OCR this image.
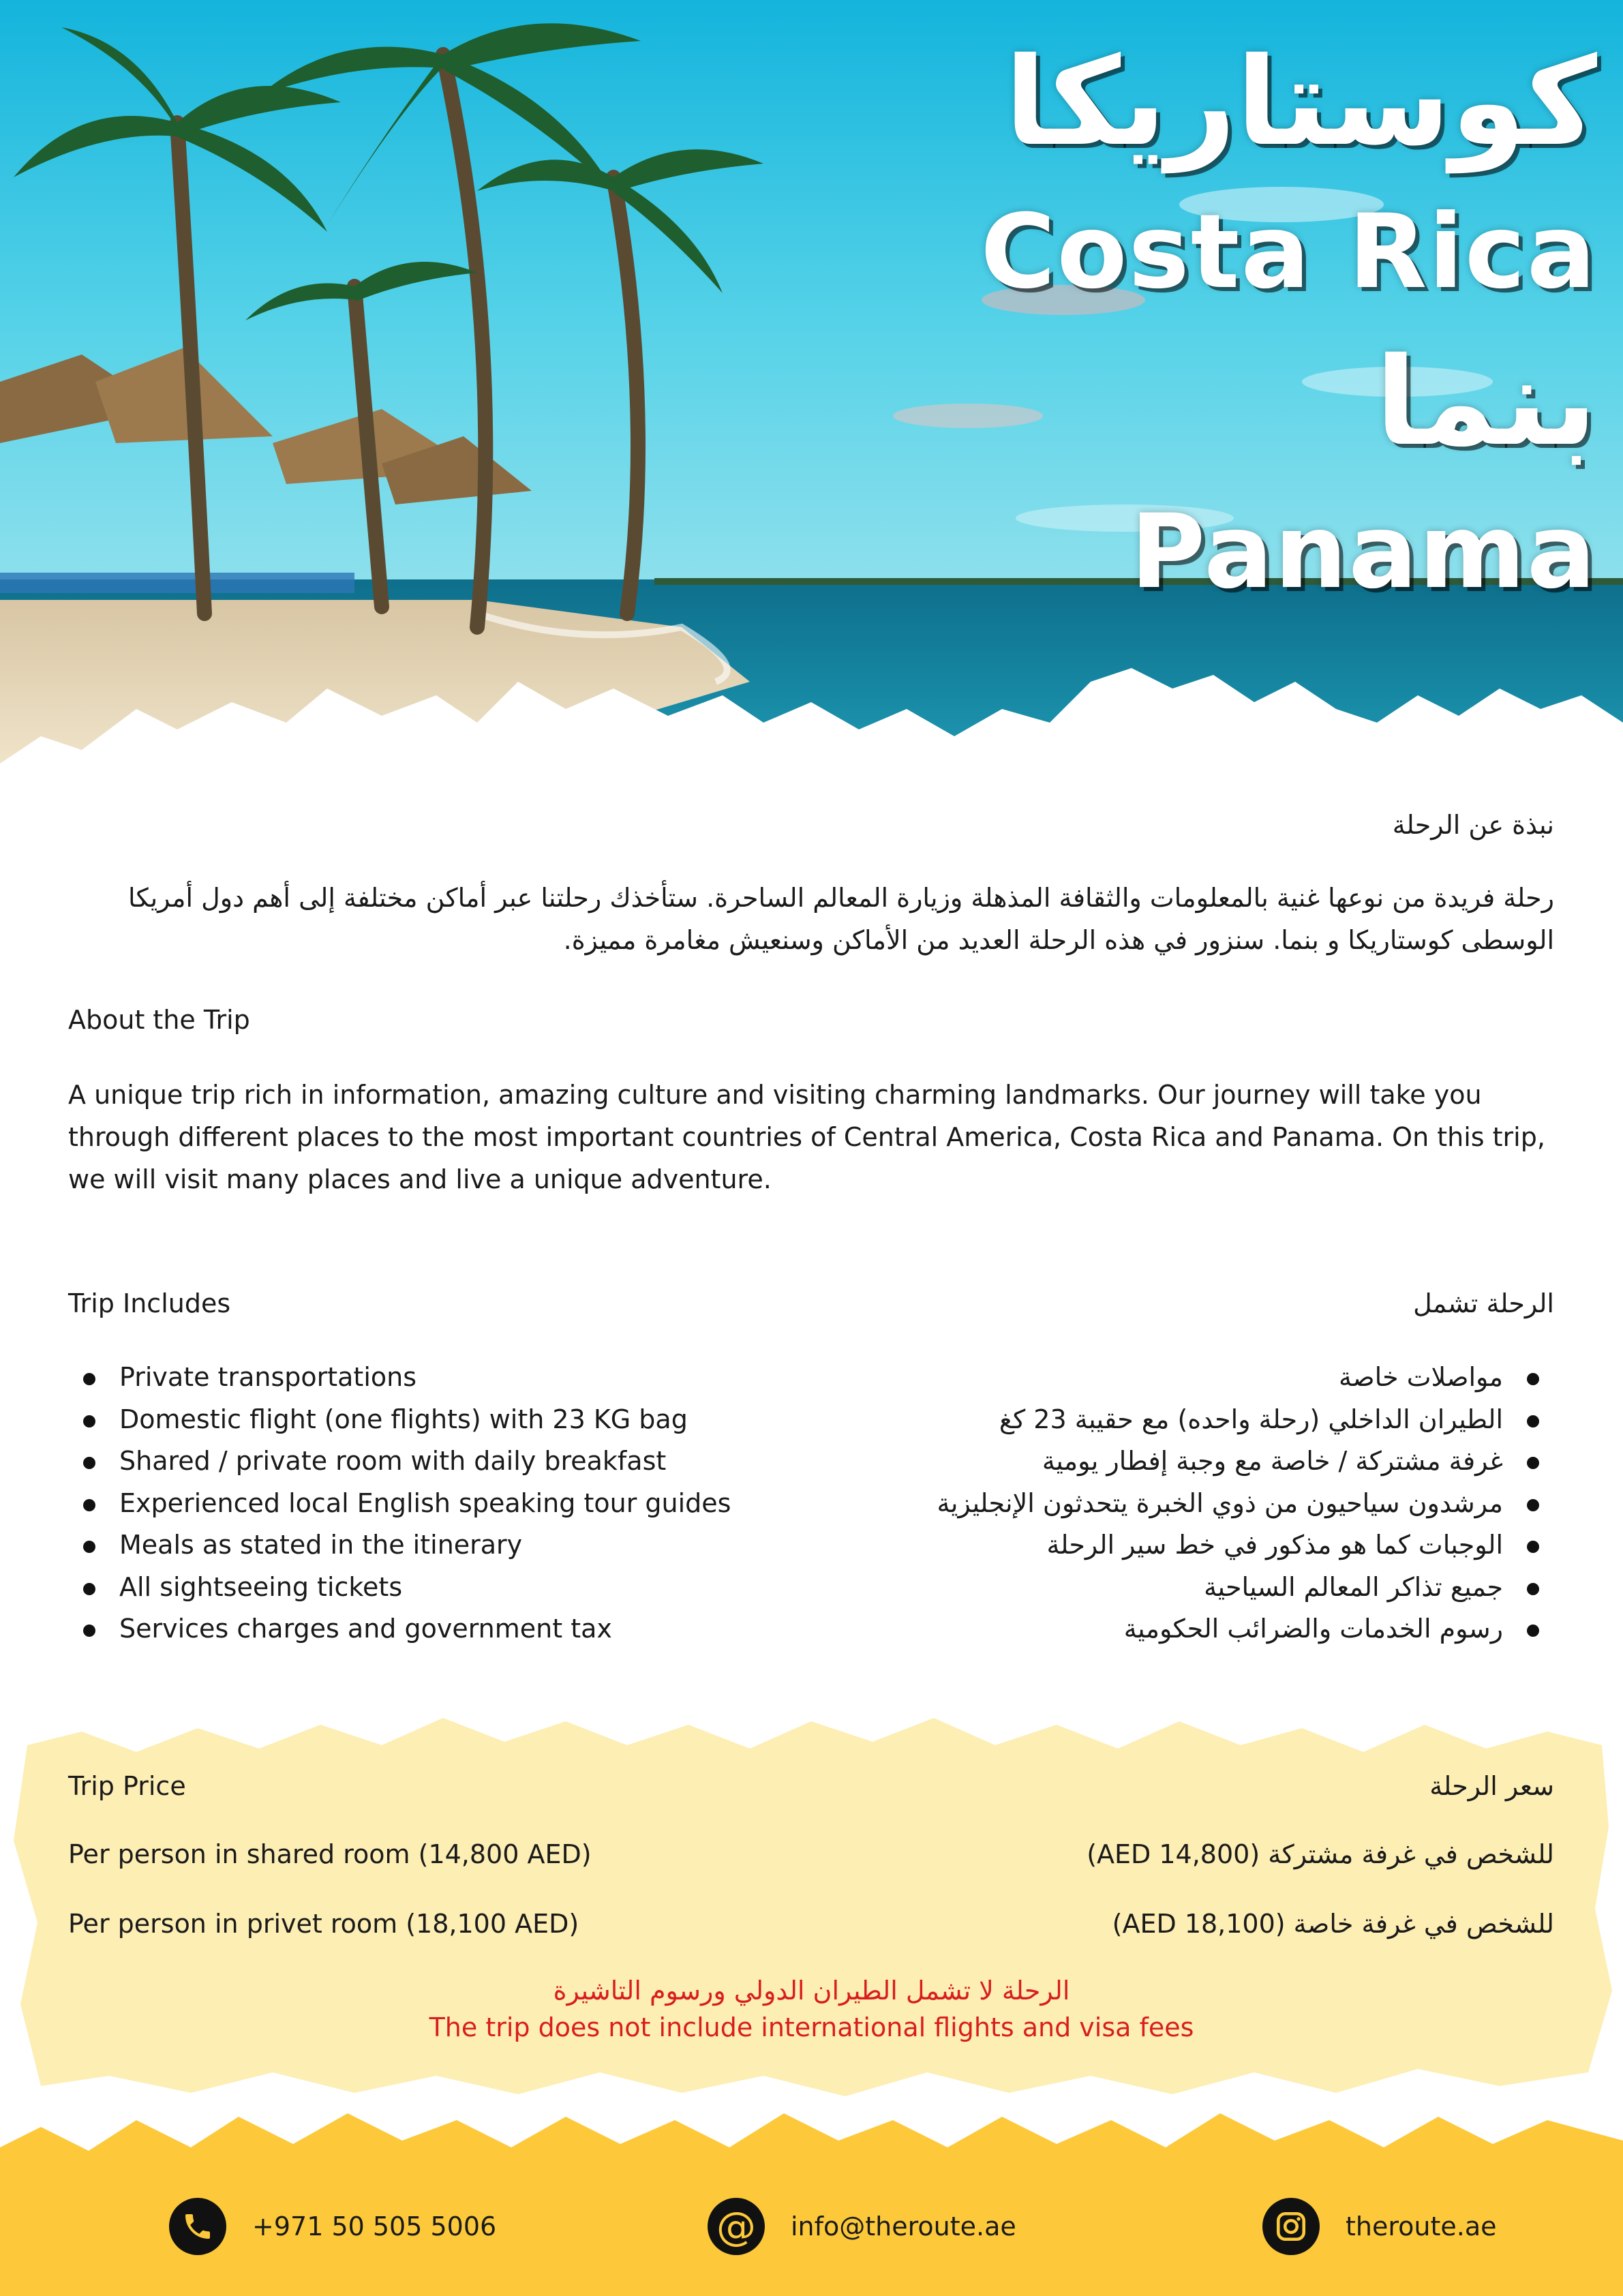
كوستاريكا
Costa Rica
بنما
Panama
نبذة عن الرحلة
رحلة فريدة من نوعها غنية بالمعلومات والثقافة المذهلة وزيارة المعالم الساحرة. ستأخذك رحلتنا عبر أماكن مختلفة إلى أهم دول أمريكا الوسطى كوستاريكا و بنما. سنزور في هذه الرحلة العديد من الأماكن وسنعيش مغامرة مميزة.
About the Trip
A unique trip rich in information, amazing culture and visiting charming landmarks. Our journey will take you through different places to the most important countries of Central America, Costa Rica and Panama. On this trip, we will visit many places and live a unique adventure.
Trip Includes	الرحلة تشمل
Private transportations
Domestic flight (one flights) with 23 KG bag
Shared / private room with daily breakfast
Experienced local English speaking tour guides
Meals as stated in the itinerary
All sightseeing tickets
Services charges and government tax
مواصلات خاصة
الطيران الداخلي (رحلة واحده) مع حقيبة 23 كغ
غرفة مشتركة / خاصة مع وجبة إفطار يومية
مرشدون سياحيون من ذوي الخبرة يتحدثون الإنجليزية
الوجبات كما هو مذكور في خط سير الرحلة
جميع تذاكر المعالم السياحية
رسوم الخدمات والضرائب الحكومية
Trip Price	سعر الرحلة
Per person in shared room (14,800 AED)	للشخص في غرفة مشتركة (14,800 AED)
Per person in privet room (18,100 AED)	للشخص في غرفة خاصة (18,100 AED)
الرحلة لا تشمل الطيران الدولي ورسوم التاشيرة
The trip does not include international flights and visa fees
+971 50 505 5006	@ info@theroute.ae	theroute.ae
